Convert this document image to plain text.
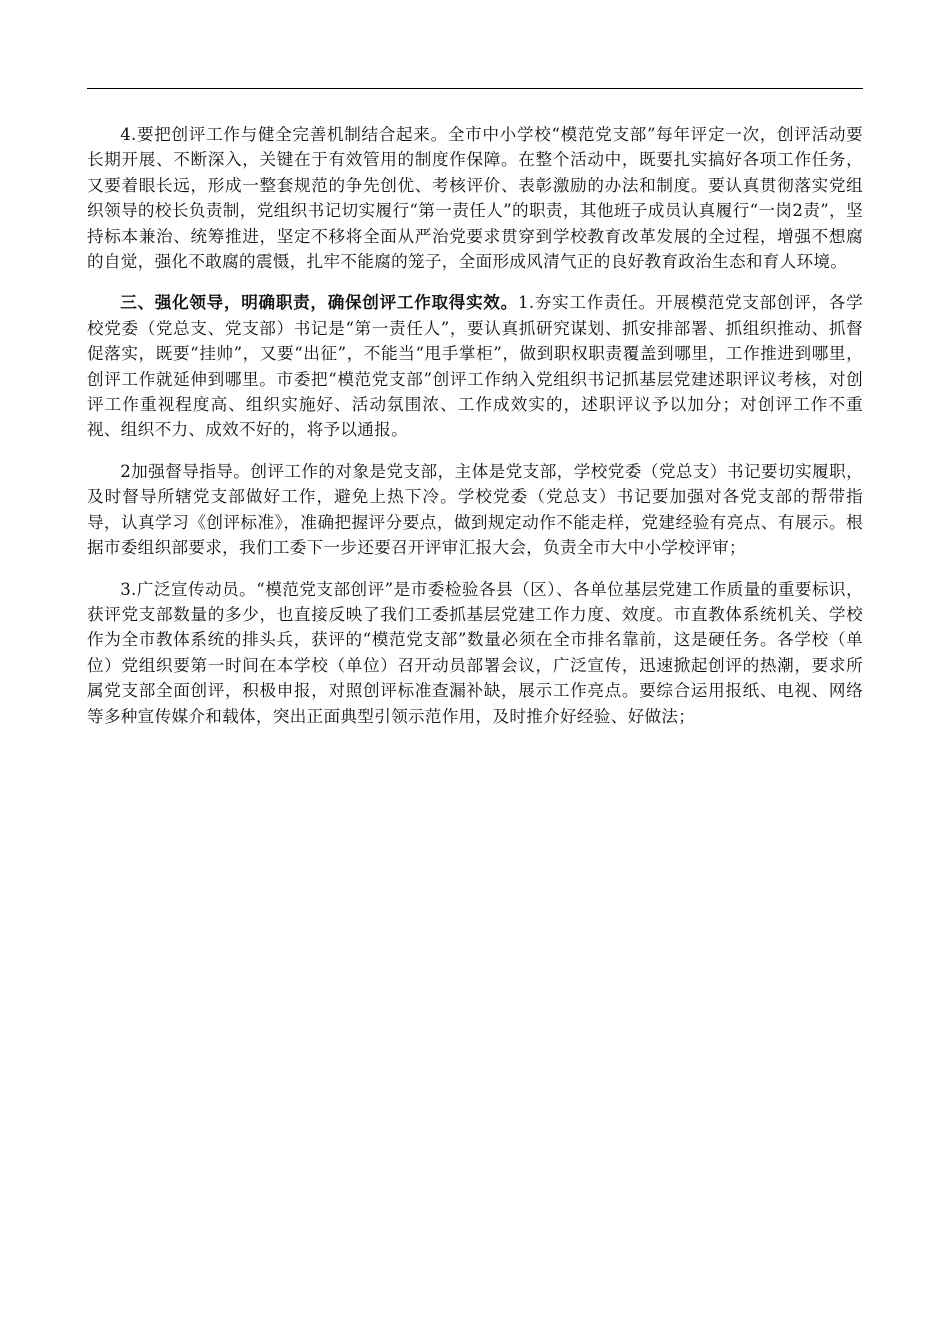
4.要把创评工作与健全完善机制结合起来。全市中小学校“模范党支部”每年评定一次，创评活动要长期开展、不断深入，关键在于有效管用的制度作保障。在整个活动中，既要扎实搞好各项工作任务，又要着眼长远，形成一整套规范的争先创优、考核评价、表彰激励的办法和制度。要认真贯彻落实党组织领导的校长负责制，党组织书记切实履行“第一责任人”的职责，其他班子成员认真履行“一岗2责”，坚持标本兼治、统筹推进，坚定不移将全面从严治党要求贯穿到学校教育改革发展的全过程，增强不想腐的自觉，强化不敢腐的震慑，扎牢不能腐的笼子，全面形成风清气正的良好教育政治生态和育人环境。

三、强化领导，明确职责，确保创评工作取得实效。1.夯实工作责任。开展模范党支部创评，各学校党委（党总支、党支部）书记是“第一责任人”，要认真抓研究谋划、抓安排部署、抓组织推动、抓督促落实，既要“挂帅”，又要“出征”，不能当“甩手掌柜”，做到职权职责覆盖到哪里，工作推进到哪里，创评工作就延伸到哪里。市委把“模范党支部”创评工作纳入党组织书记抓基层党建述职评议考核，对创评工作重视程度高、组织实施好、活动氛围浓、工作成效实的，述职评议予以加分；对创评工作不重视、组织不力、成效不好的，将予以通报。

2加强督导指导。创评工作的对象是党支部，主体是党支部，学校党委（党总支）书记要切实履职，及时督导所辖党支部做好工作，避免上热下冷。学校党委（党总支）书记要加强对各党支部的帮带指导，认真学习《创评标准》，准确把握评分要点，做到规定动作不能走样，党建经验有亮点、有展示。根据市委组织部要求，我们工委下一步还要召开评审汇报大会，负责全市大中小学校评审；

3.广泛宣传动员。“模范党支部创评”是市委检验各县（区）、各单位基层党建工作质量的重要标识，获评党支部数量的多少，也直接反映了我们工委抓基层党建工作力度、效度。市直教体系统机关、学校作为全市教体系统的排头兵，获评的“模范党支部”数量必须在全市排名靠前，这是硬任务。各学校（单位）党组织要第一时间在本学校（单位）召开动员部署会议，广泛宣传，迅速掀起创评的热潮，要求所属党支部全面创评，积极申报，对照创评标准查漏补缺，展示工作亮点。要综合运用报纸、电视、网络等多种宣传媒介和载体，突出正面典型引领示范作用，及时推介好经验、好做法；
